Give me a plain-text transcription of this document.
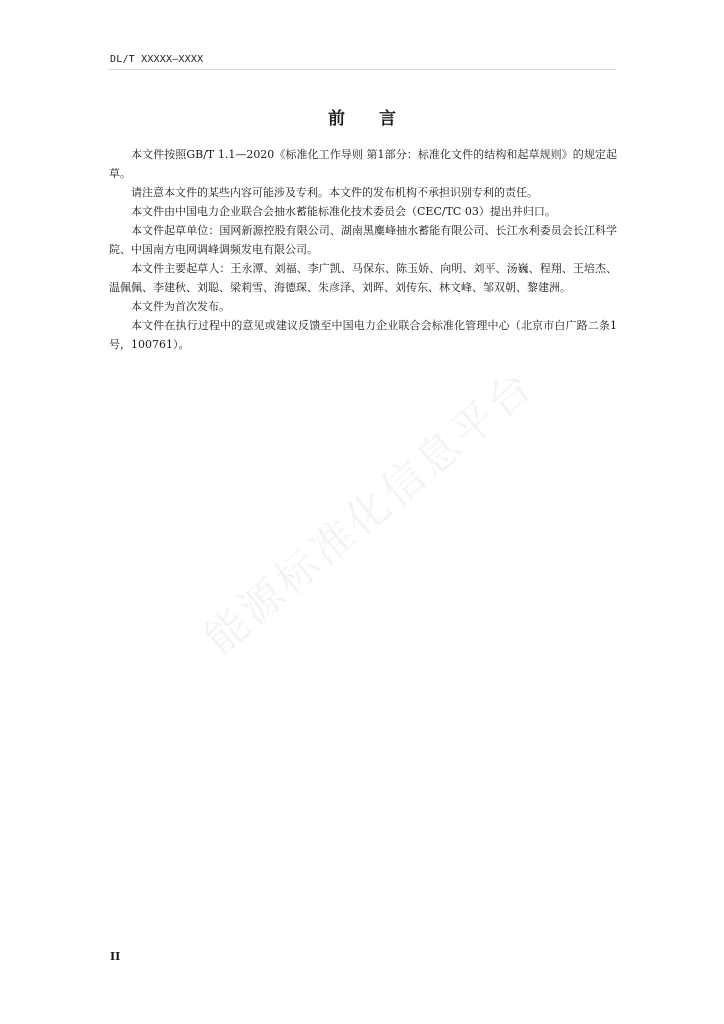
DL/T XXXXX—XXXX
前言

本文件按照GB/T 1.1—2020《标准化工作导则 第1部分：标准化文件的结构和起草规则》的规定起草。

请注意本文件的某些内容可能涉及专利。本文件的发布机构不承担识别专利的责任。

本文件由中国电力企业联合会抽水蓄能标准化技术委员会（CEC/TC 03）提出并归口。

本文件起草单位：国网新源控股有限公司、湖南黑麋峰抽水蓄能有限公司、长江水利委员会长江科学院、中国南方电网调峰调频发电有限公司。

本文件主要起草人：王永潭、刘福、李广凯、马保东、陈玉娇、向明、刘平、汤巍、程翔、王培杰、温佩佩、李建秋、刘聪、梁莉雪、海德琛、朱彦泽、刘晖、刘传东、林文峰、邹双朝、黎建洲。

本文件为首次发布。

本文件在执行过程中的意见或建议反馈至中国电力企业联合会标准化管理中心（北京市白广路二条1号，100761）。

能源标准化信息平台
II
